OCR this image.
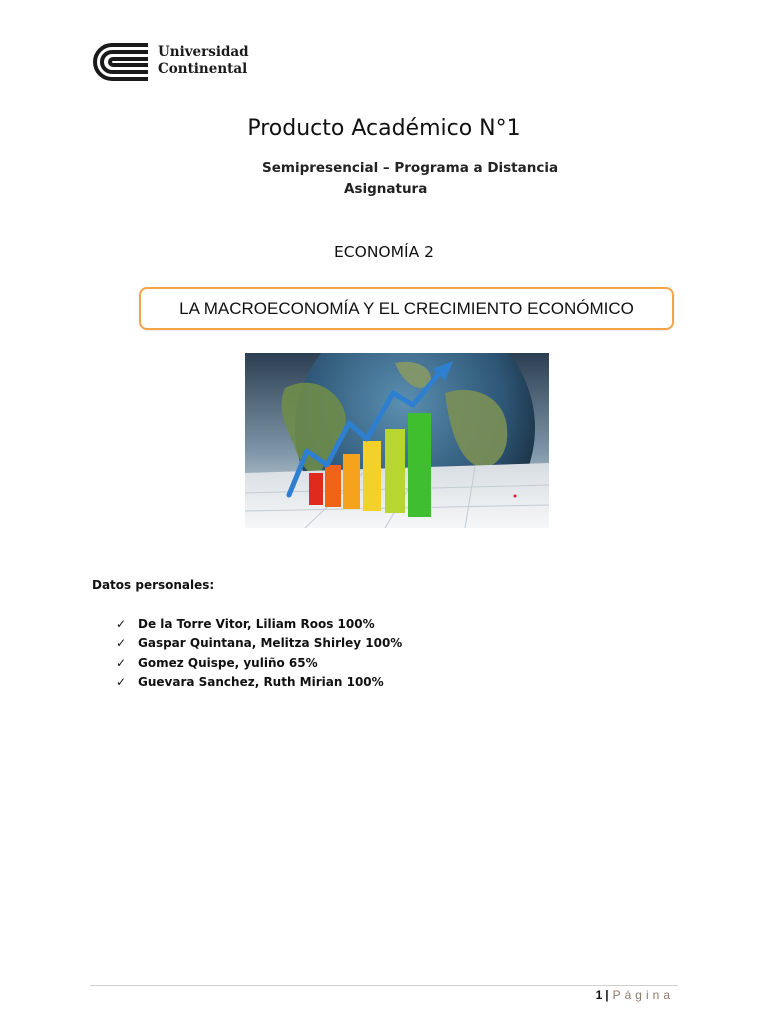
Universidad
Continental
Producto Académico N°1
Semipresencial – Programa a Distancia
Asignatura
ECONOMÍA 2
LA MACROECONOMÍA Y EL CRECIMIENTO ECONÓMICO
Datos personales:
✓ De la Torre Vitor, Liliam Roos 100%
✓ Gaspar Quintana, Melitza Shirley 100%
✓ Gomez Quispe, yuliño 65%
✓ Guevara Sanchez, Ruth Mirian 100%
1 | Página
